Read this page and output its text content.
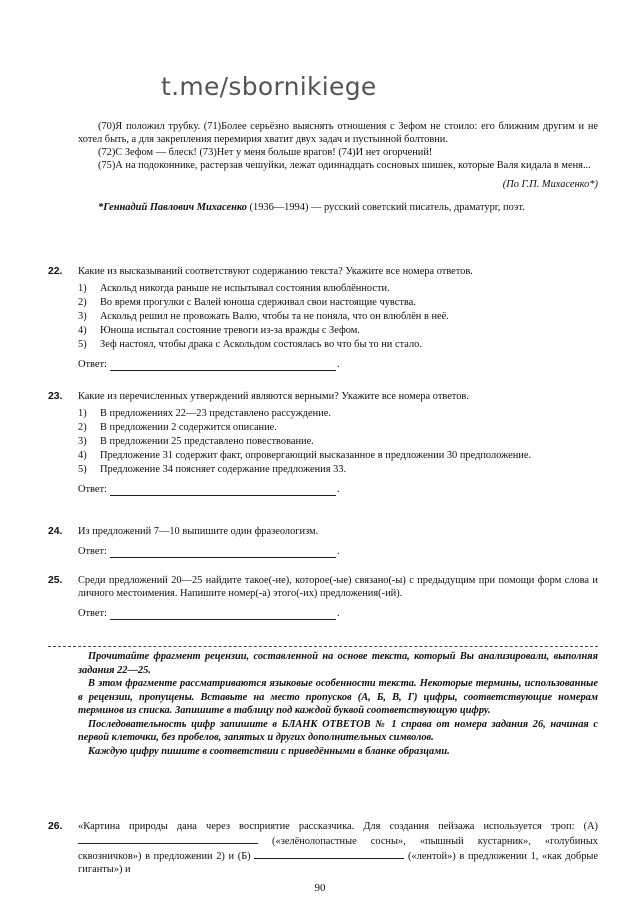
t.me/sbornikiege

(70)Я положил трубку. (71)Более серьёзно выяснять отношения с Зефом не стоило: его ближним другим и не хотел быть, а для закрепления перемирия хватит двух задач и пустынной болтовни.

(72)С Зефом — блеск! (73)Нет у меня больше врагов! (74)И нет огорчений!

(75)А на подоконнике, растерзав чешуйки, лежат одиннадцать сосновых шишек, которые Валя кидала в меня...

(По Г.П. Михасенко*)

*Геннадий Павлович Михасенко (1936—1994) — русский советский писатель, драматург, поэт.

22. Какие из высказываний соответствуют содержанию текста? Укажите все номера ответов.
1)	Аскольд никогда раньше не испытывал состояния влюблённости.
2)	Во время прогулки с Валей юноша сдерживал свои настоящие чувства.
3)	Аскольд решил не провожать Валю, чтобы та не поняла, что он влюблён в неё.
4)	Юноша испытал состояние тревоги из-за вражды с Зефом.
5)	Зеф настоял, чтобы драка с Аскольдом состоялась во что бы то ни стало.
Ответ:	.
23. Какие из перечисленных утверждений являются верными? Укажите все номера ответов.
1)	В предложениях 22—23 представлено рассуждение.
2)	В предложении 2 содержится описание.
3)	В предложении 25 представлено повествование.
4)	Предложение 31 содержит факт, опровергающий высказанное в предложении 30 предположение.
5)	Предложение 34 поясняет содержание предложения 33.
Ответ:	.
24. Из предложений 7—10 выпишите один фразеологизм.
Ответ:	.
25. Среди предложений 20—25 найдите такое(-ие), которое(-ые) связано(-ы) с предыдущим при помощи форм слова и личного местоимения. Напишите номер(-а) этого(-их) предложения(-ий).
Ответ:	.

Прочитайте фрагмент рецензии, составленной на основе текста, который Вы анализировали, выполняя задания 22—25.

В этом фрагменте рассматриваются языковые особенности текста. Некоторые термины, использованные в рецензии, пропущены. Вставьте на место пропусков (А, Б, В, Г) цифры, соответствующие номерам терминов из списка. Запишите в таблицу под каждой буквой соответствующую цифру.

Последовательность цифр запишите в БЛАНК ОТВЕТОВ № 1 справа от номера задания 26, начиная с первой клеточки, без пробелов, запятых и других дополнительных символов.

Каждую цифру пишите в соответствии с приведёнными в бланке образцами.

26. «Картина природы дана через восприятие рассказчика. Для создания пейзажа используется троп: (А)  («зелёнолопастные сосны», «пышный кустарник», «голубиных сквозничков») в предложении 2) и (Б)	(«лентой») в предложении 1, «как добрые гиганты») и
90
